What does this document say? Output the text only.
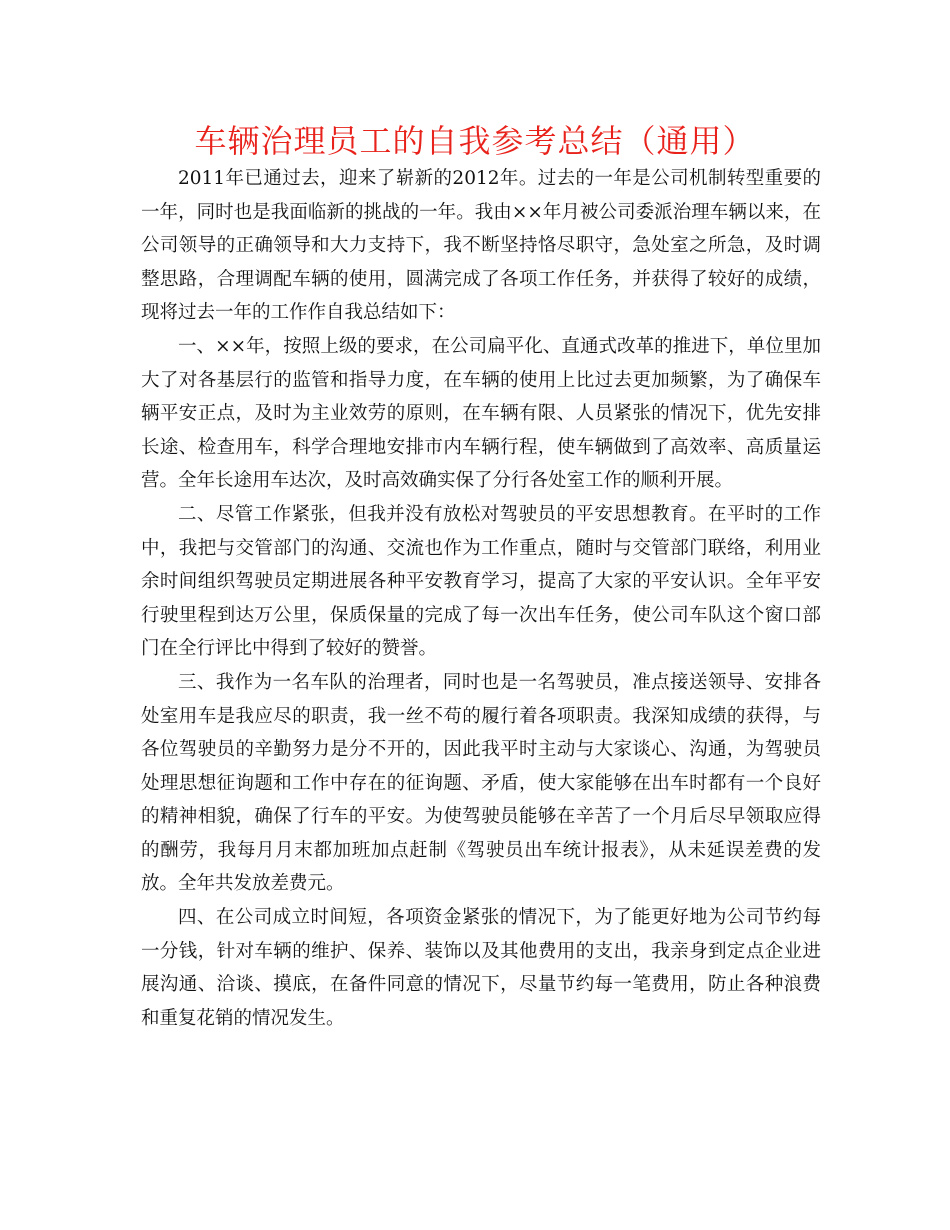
车辆治理员工的自我参考总结（通用）

2011年已通过去，迎来了崭新的2012年。过去的一年是公司机制转型重要的一年，同时也是我面临新的挑战的一年。我由××年月被公司委派治理车辆以来，在公司领导的正确领导和大力支持下，我不断坚持恪尽职守，急处室之所急，及时调整思路，合理调配车辆的使用，圆满完成了各项工作任务，并获得了较好的成绩，现将过去一年的工作作自我总结如下：

一、××年，按照上级的要求，在公司扁平化、直通式改革的推进下，单位里加大了对各基层行的监管和指导力度，在车辆的使用上比过去更加频繁，为了确保车辆平安正点，及时为主业效劳的原则，在车辆有限、人员紧张的情况下，优先安排长途、检查用车，科学合理地安排市内车辆行程，使车辆做到了高效率、高质量运营。全年长途用车达次，及时高效确实保了分行各处室工作的顺利开展。

二、尽管工作紧张，但我并没有放松对驾驶员的平安思想教育。在平时的工作中，我把与交管部门的沟通、交流也作为工作重点，随时与交管部门联络，利用业余时间组织驾驶员定期进展各种平安教育学习，提高了大家的平安认识。全年平安行驶里程到达万公里，保质保量的完成了每一次出车任务，使公司车队这个窗口部门在全行评比中得到了较好的赞誉。

三、我作为一名车队的治理者，同时也是一名驾驶员，准点接送领导、安排各处室用车是我应尽的职责，我一丝不苟的履行着各项职责。我深知成绩的获得，与各位驾驶员的辛勤努力是分不开的，因此我平时主动与大家谈心、沟通，为驾驶员处理思想征询题和工作中存在的征询题、矛盾，使大家能够在出车时都有一个良好的精神相貌，确保了行车的平安。为使驾驶员能够在辛苦了一个月后尽早领取应得的酬劳，我每月月末都加班加点赶制《驾驶员出车统计报表》，从未延误差费的发放。全年共发放差费元。

四、在公司成立时间短，各项资金紧张的情况下，为了能更好地为公司节约每一分钱，针对车辆的维护、保养、装饰以及其他费用的支出，我亲身到定点企业进展沟通、洽谈、摸底，在备件同意的情况下，尽量节约每一笔费用，防止各种浪费和重复花销的情况发生。
